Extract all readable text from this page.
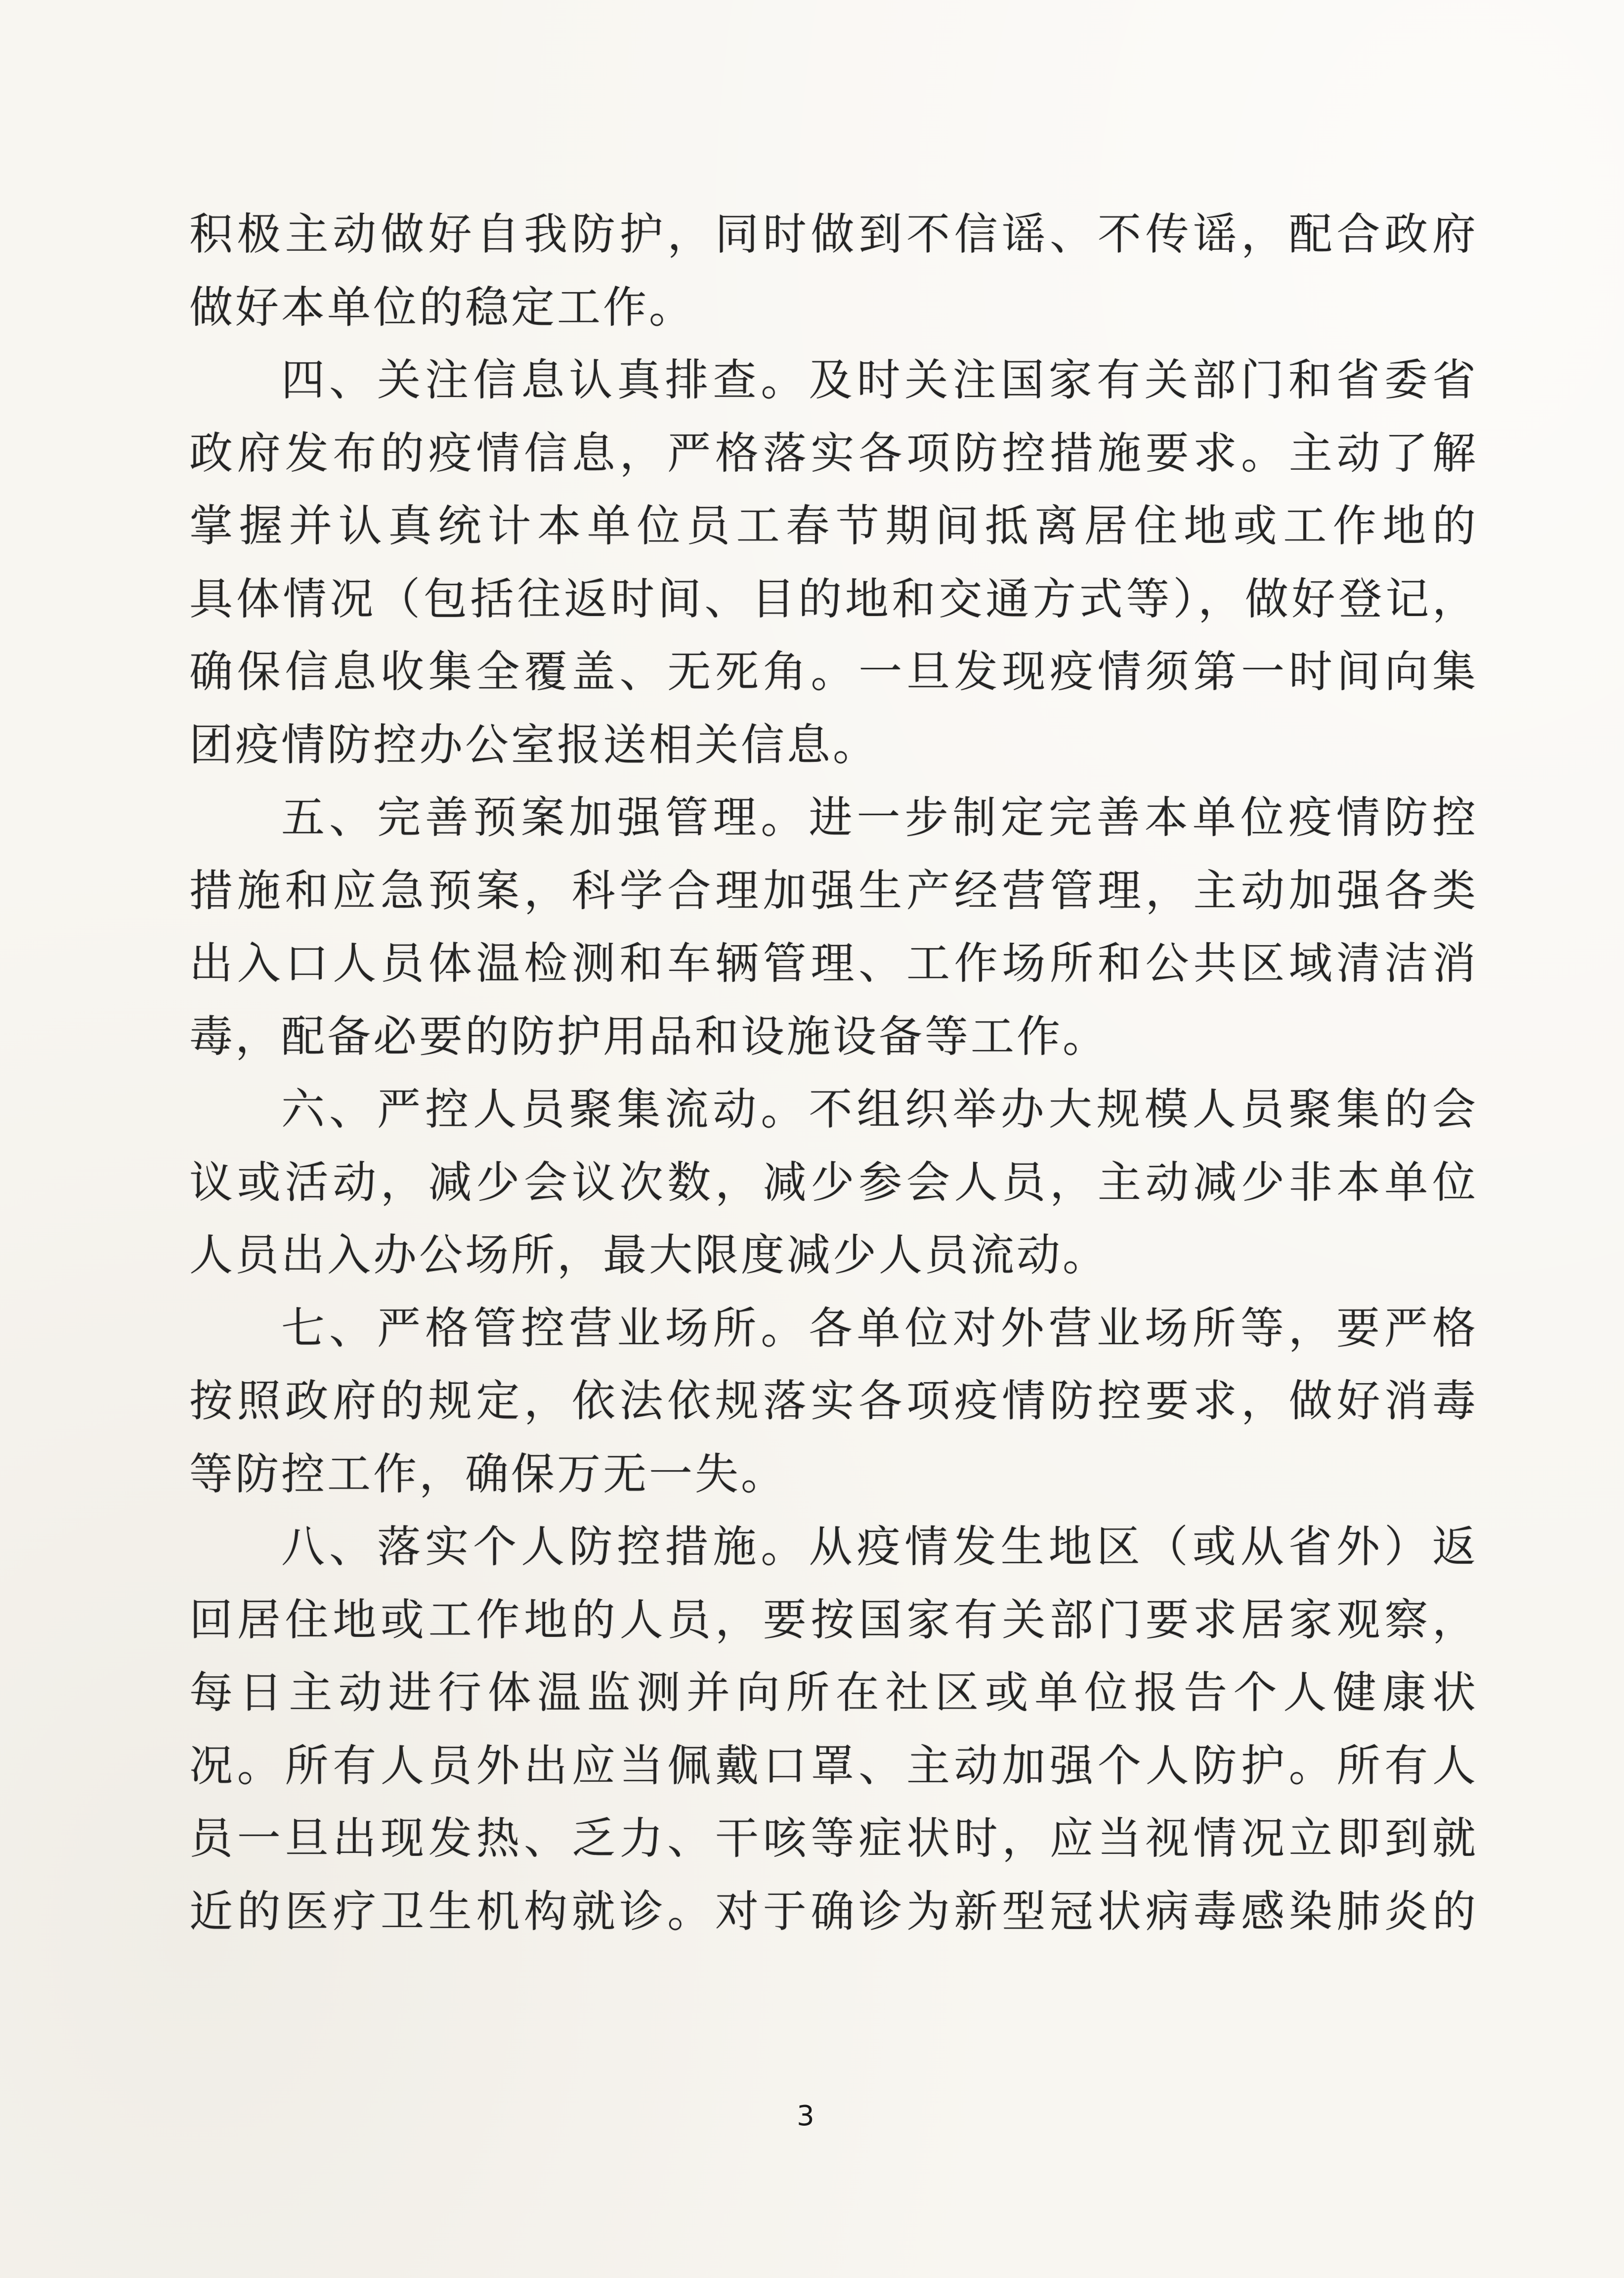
积极主动做好自我防护，同时做到不信谣、不传谣，配合政府
做好本单位的稳定工作。
四、关注信息认真排查。及时关注国家有关部门和省委省
政府发布的疫情信息，严格落实各项防控措施要求。主动了解
掌握并认真统计本单位员工春节期间抵离居住地或工作地的
具体情况（包括往返时间、目的地和交通方式等），做好登记，
确保信息收集全覆盖、无死角。一旦发现疫情须第一时间向集
团疫情防控办公室报送相关信息。
五、完善预案加强管理。进一步制定完善本单位疫情防控
措施和应急预案，科学合理加强生产经营管理，主动加强各类
出入口人员体温检测和车辆管理、工作场所和公共区域清洁消
毒，配备必要的防护用品和设施设备等工作。
六、严控人员聚集流动。不组织举办大规模人员聚集的会
议或活动，减少会议次数，减少参会人员，主动减少非本单位
人员出入办公场所，最大限度减少人员流动。
七、严格管控营业场所。各单位对外营业场所等，要严格
按照政府的规定，依法依规落实各项疫情防控要求，做好消毒
等防控工作，确保万无一失。
八、落实个人防控措施。从疫情发生地区（或从省外）返
回居住地或工作地的人员，要按国家有关部门要求居家观察，
每日主动进行体温监测并向所在社区或单位报告个人健康状
况。所有人员外出应当佩戴口罩、主动加强个人防护。所有人
员一旦出现发热、乏力、干咳等症状时，应当视情况立即到就
近的医疗卫生机构就诊。对于确诊为新型冠状病毒感染肺炎的
3
